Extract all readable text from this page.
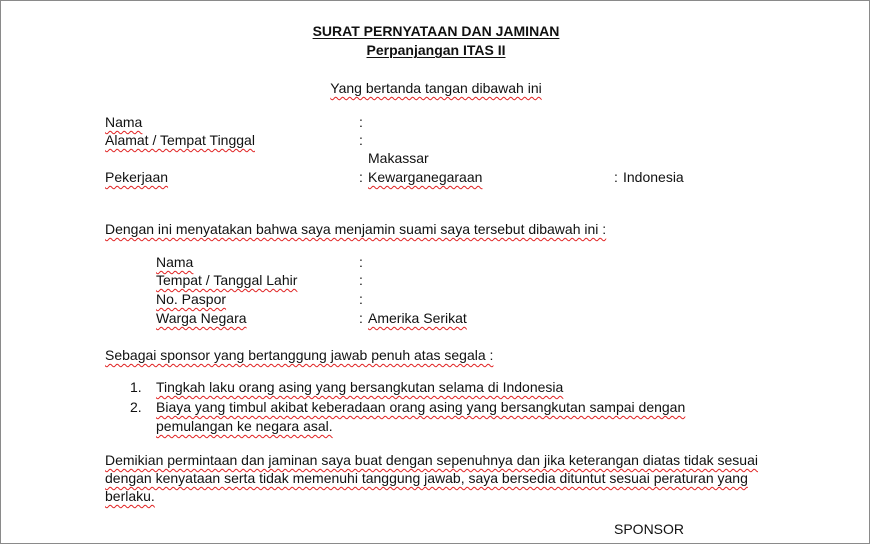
SURAT PERNYATAAN DAN JAMINAN
Perpanjangan ITAS II
Yang bertanda tangan dibawah ini
Nama	:
Alamat / Tempat Tinggal	:
Makassar
Pekerjaan	: Kewarganegaraan	: Indonesia
Dengan ini menyatakan bahwa saya menjamin suami saya tersebut dibawah ini :
Nama	:
Tempat / Tanggal Lahir	:
No. Paspor	:
Warga Negara	: Amerika Serikat
Sebagai sponsor yang bertanggung jawab penuh atas segala :
1. Tingkah laku orang asing yang bersangkutan selama di Indonesia
2. Biaya yang timbul akibat keberadaan orang asing yang bersangkutan sampai dengan
pemulangan ke negara asal.
Demikian permintaan dan jaminan saya buat dengan sepenuhnya dan jika keterangan diatas tidak sesuai
dengan kenyataan serta tidak memenuhi tanggung jawab, saya bersedia dituntut sesuai peraturan yang
berlaku.
SPONSOR
